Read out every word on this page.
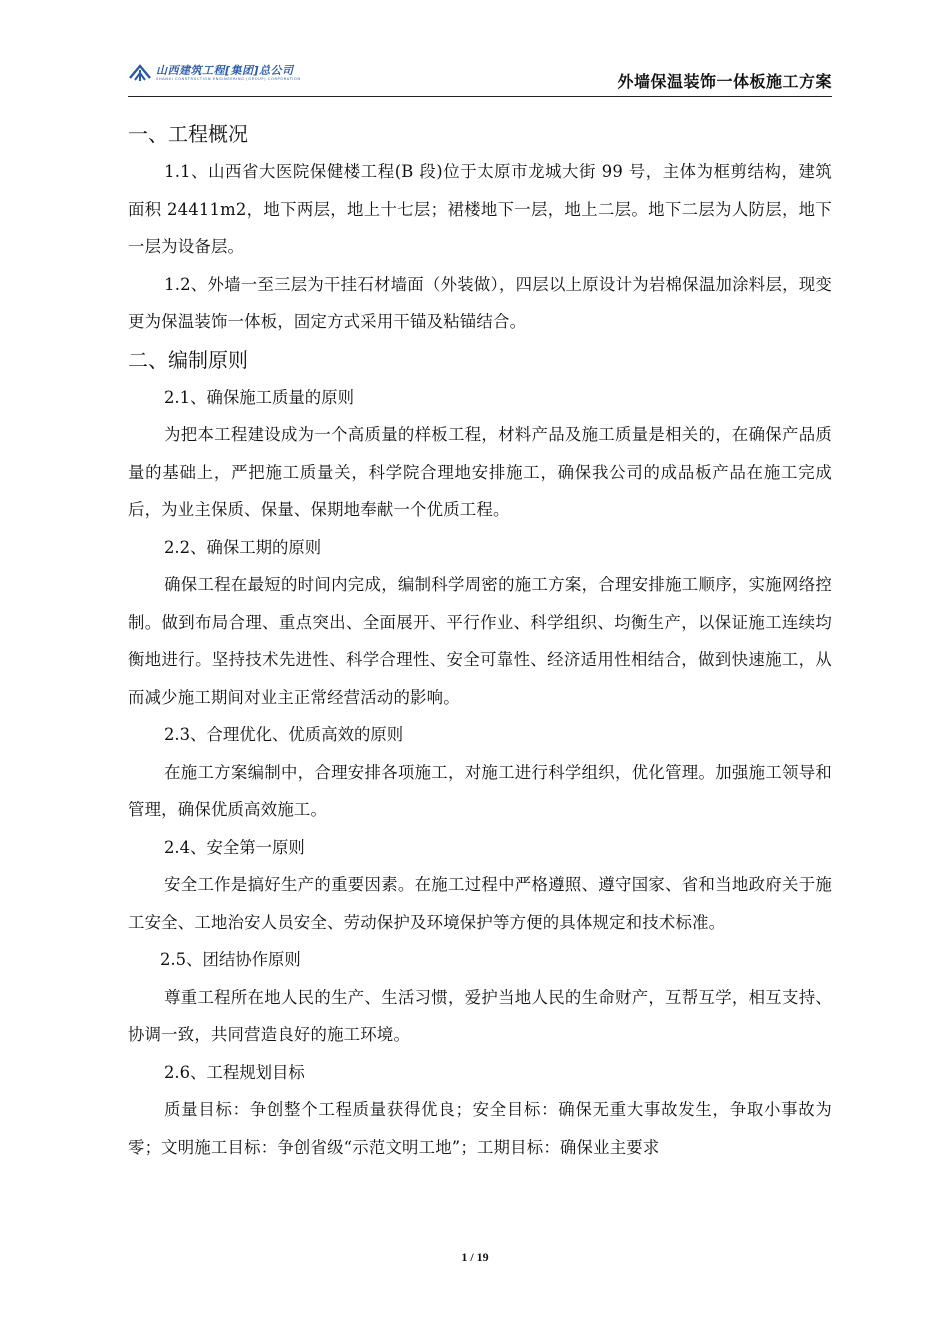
山西建筑工程[集团]总公司
SHANXI CONSTRUCTION ENGINEERING (GROUP) CORPORATION	外墙保温装饰一体板施工方案
一、工程概况

1.1、山西省大医院保健楼工程(B 段)位于太原市龙城大街 99 号，主体为框剪结构，建筑面积 24411m2，地下两层，地上十七层；裙楼地下一层，地上二层。地下二层为人防层，地下一层为设备层。

1.2、外墙一至三层为干挂石材墙面（外装做），四层以上原设计为岩棉保温加涂料层，现变更为保温装饰一体板，固定方式采用干锚及粘锚结合。

二、编制原则

2.1、确保施工质量的原则

为把本工程建设成为一个高质量的样板工程，材料产品及施工质量是相关的，在确保产品质量的基础上，严把施工质量关，科学院合理地安排施工，确保我公司的成品板产品在施工完成后，为业主保质、保量、保期地奉献一个优质工程。

2.2、确保工期的原则

确保工程在最短的时间内完成，编制科学周密的施工方案，合理安排施工顺序，实施网络控制。做到布局合理、重点突出、全面展开、平行作业、科学组织、均衡生产，以保证施工连续均衡地进行。坚持技术先进性、科学合理性、安全可靠性、经济适用性相结合，做到快速施工，从而减少施工期间对业主正常经营活动的影响。

2.3、合理优化、优质高效的原则

在施工方案编制中，合理安排各项施工，对施工进行科学组织，优化管理。加强施工领导和管理，确保优质高效施工。

2.4、安全第一原则

安全工作是搞好生产的重要因素。在施工过程中严格遵照、遵守国家、省和当地政府关于施工安全、工地治安人员安全、劳动保护及环境保护等方便的具体规定和技术标准。

2.5、团结协作原则

尊重工程所在地人民的生产、生活习惯，爱护当地人民的生命财产，互帮互学，相互支持、协调一致，共同营造良好的施工环境。

2.6、工程规划目标

质量目标：争创整个工程质量获得优良；安全目标：确保无重大事故发生，争取小事故为零；文明施工目标：争创省级“示范文明工地”；工期目标：确保业主要求

1 / 19
